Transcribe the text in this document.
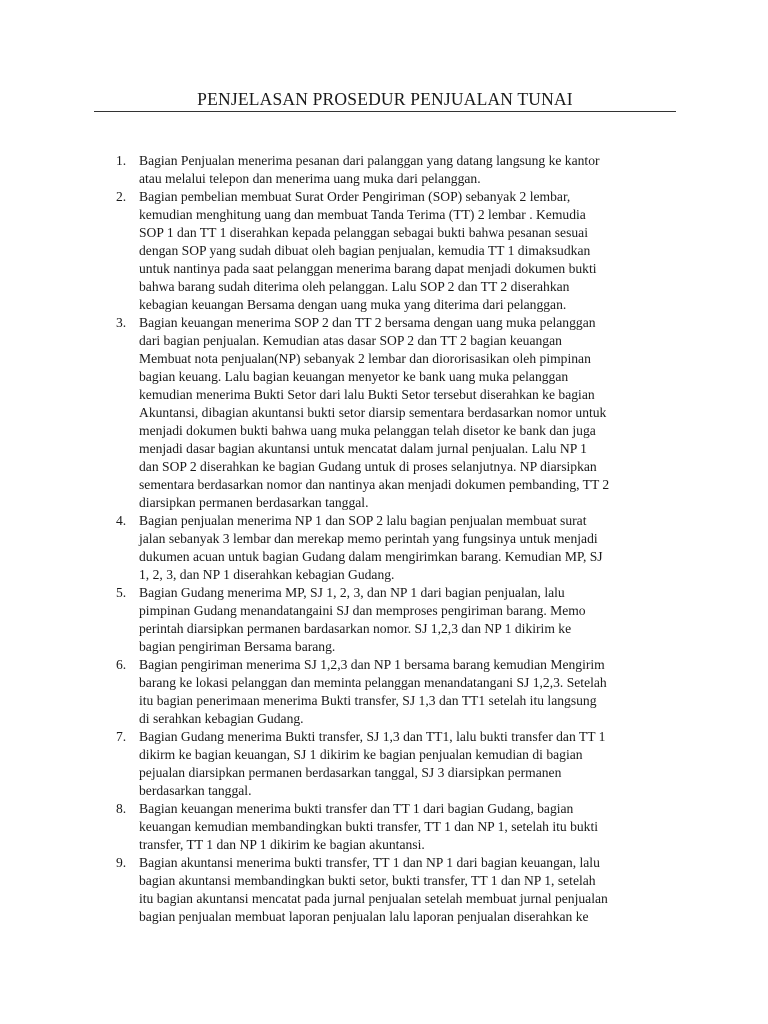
PENJELASAN PROSEDUR PENJUALAN TUNAI
1. Bagian Penjualan menerima pesanan dari palanggan yang datang langsung ke kantor
atau melalui telepon dan menerima uang muka dari pelanggan.
2. Bagian pembelian membuat Surat Order Pengiriman (SOP) sebanyak 2 lembar,
kemudian menghitung uang dan membuat Tanda Terima (TT) 2 lembar . Kemudia
SOP 1 dan TT 1 diserahkan kepada pelanggan sebagai bukti bahwa pesanan sesuai
dengan SOP yang sudah dibuat oleh bagian penjualan, kemudia TT 1 dimaksudkan
untuk nantinya pada saat pelanggan menerima barang dapat menjadi dokumen bukti
bahwa barang sudah diterima oleh pelanggan. Lalu SOP 2 dan TT 2 diserahkan
kebagian keuangan Bersama dengan uang muka yang diterima dari pelanggan.
3. Bagian keuangan menerima SOP 2 dan TT 2 bersama dengan uang muka pelanggan
dari bagian penjualan. Kemudian atas dasar SOP 2 dan TT 2 bagian keuangan
Membuat nota penjualan(NP) sebanyak 2 lembar dan diororisasikan oleh pimpinan
bagian keuang. Lalu bagian keuangan menyetor ke bank uang muka pelanggan
kemudian menerima Bukti Setor dari lalu Bukti Setor tersebut diserahkan ke bagian
Akuntansi, dibagian akuntansi bukti setor diarsip sementara berdasarkan nomor untuk
menjadi dokumen bukti bahwa uang muka pelanggan telah disetor ke bank dan juga
menjadi dasar bagian akuntansi untuk mencatat dalam jurnal penjualan. Lalu NP 1
dan SOP 2 diserahkan ke bagian Gudang untuk di proses selanjutnya. NP diarsipkan
sementara berdasarkan nomor dan nantinya akan menjadi dokumen pembanding, TT 2
diarsipkan permanen berdasarkan tanggal.
4. Bagian penjualan menerima NP 1 dan SOP 2 lalu bagian penjualan membuat surat
jalan sebanyak 3 lembar dan merekap memo perintah yang fungsinya untuk menjadi
dukumen acuan untuk bagian Gudang dalam mengirimkan barang. Kemudian MP, SJ
1, 2, 3, dan NP 1 diserahkan kebagian Gudang.
5. Bagian Gudang menerima MP, SJ 1, 2, 3, dan NP 1 dari bagian penjualan, lalu
pimpinan Gudang menandatangaini SJ dan memproses pengiriman barang. Memo
perintah diarsipkan permanen bardasarkan nomor. SJ 1,2,3 dan NP 1 dikirim ke
bagian pengiriman Bersama barang.
6. Bagian pengiriman menerima SJ 1,2,3 dan NP 1 bersama barang kemudian Mengirim
barang ke lokasi pelanggan dan meminta pelanggan menandatangani SJ 1,2,3. Setelah
itu bagian penerimaan menerima Bukti transfer, SJ 1,3 dan TT1 setelah itu langsung
di serahkan kebagian Gudang.
7. Bagian Gudang menerima Bukti transfer, SJ 1,3 dan TT1, lalu bukti transfer dan TT 1
dikirm ke bagian keuangan, SJ 1 dikirim ke bagian penjualan kemudian di bagian
pejualan diarsipkan permanen berdasarkan tanggal, SJ 3 diarsipkan permanen
berdasarkan tanggal.
8. Bagian keuangan menerima bukti transfer dan TT 1 dari bagian Gudang, bagian
keuangan kemudian membandingkan bukti transfer, TT 1 dan NP 1, setelah itu bukti
transfer, TT 1 dan NP 1 dikirim ke bagian akuntansi.
9. Bagian akuntansi menerima bukti transfer, TT 1 dan NP 1 dari bagian keuangan, lalu
bagian akuntansi membandingkan bukti setor, bukti transfer, TT 1 dan NP 1, setelah
itu bagian akuntansi mencatat pada jurnal penjualan setelah membuat jurnal penjualan
bagian penjualan membuat laporan penjualan lalu laporan penjualan diserahkan ke
